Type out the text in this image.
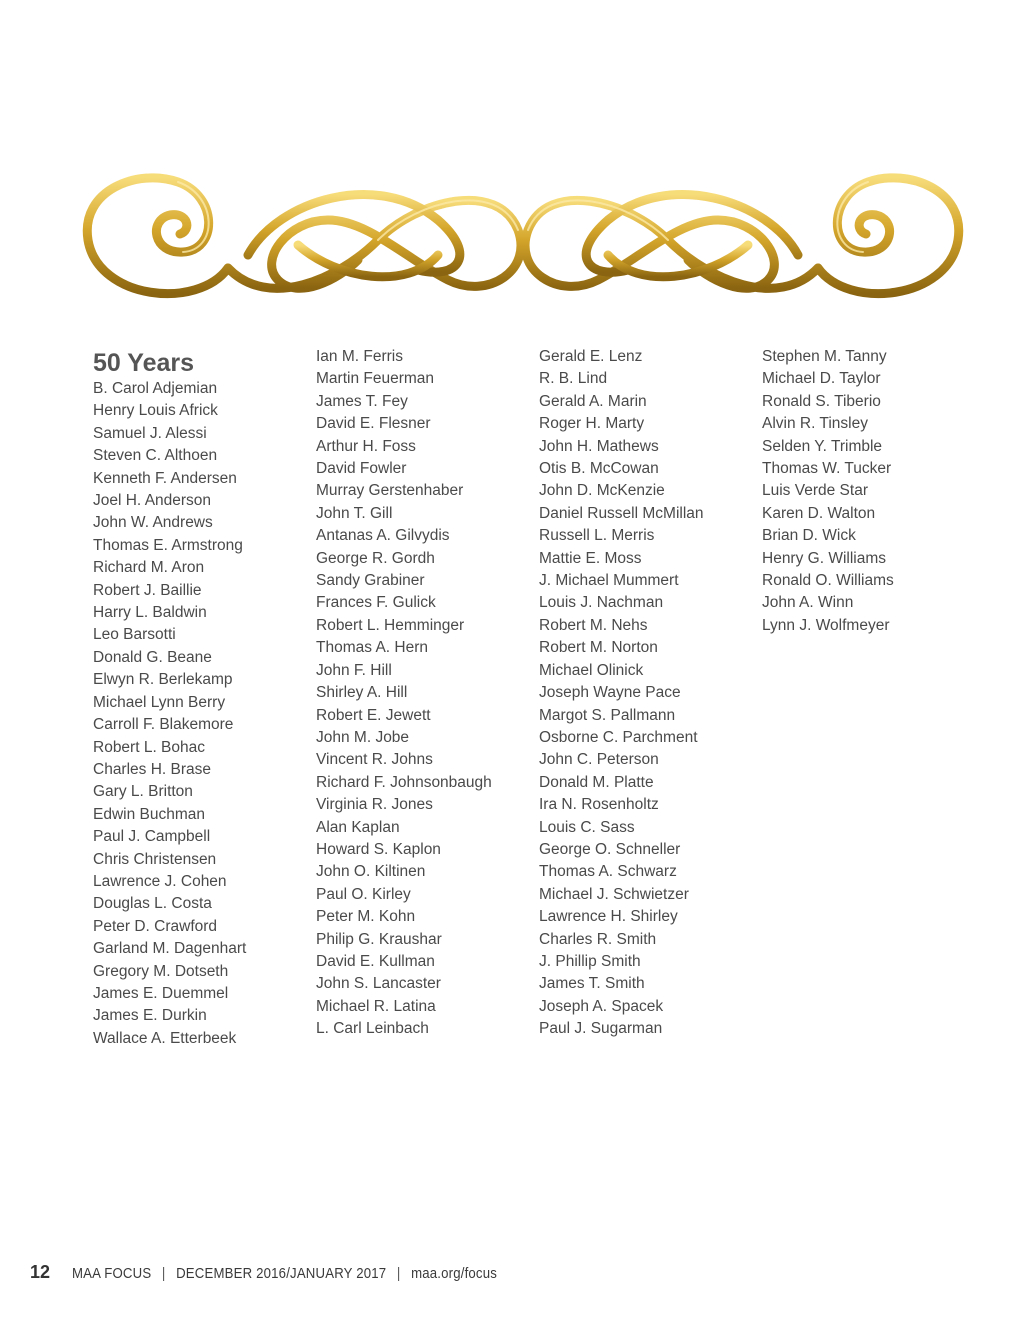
50 Years
B. Carol Adjemian
Henry Louis Africk
Samuel J. Alessi
Steven C. Althoen
Kenneth F. Andersen
Joel H. Anderson
John W. Andrews
Thomas E. Armstrong
Richard M. Aron
Robert J. Baillie
Harry L. Baldwin
Leo Barsotti
Donald G. Beane
Elwyn R. Berlekamp
Michael Lynn Berry
Carroll F. Blakemore
Robert L. Bohac
Charles H. Brase
Gary L. Britton
Edwin Buchman
Paul J. Campbell
Chris Christensen
Lawrence J. Cohen
Douglas L. Costa
Peter D. Crawford
Garland M. Dagenhart
Gregory M. Dotseth
James E. Duemmel
James E. Durkin
Wallace A. Etterbeek
Ian M. Ferris
Martin Feuerman
James T. Fey
David E. Flesner
Arthur H. Foss
David Fowler
Murray Gerstenhaber
John T. Gill
Antanas A. Gilvydis
George R. Gordh
Sandy Grabiner
Frances F. Gulick
Robert L. Hemminger
Thomas A. Hern
John F. Hill
Shirley A. Hill
Robert E. Jewett
John M. Jobe
Vincent R. Johns
Richard F. Johnsonbaugh
Virginia R. Jones
Alan Kaplan
Howard S. Kaplon
John O. Kiltinen
Paul O. Kirley
Peter M. Kohn
Philip G. Kraushar
David E. Kullman
John S. Lancaster
Michael R. Latina
L. Carl Leinbach
Gerald E. Lenz
R. B. Lind
Gerald A. Marin
Roger H. Marty
John H. Mathews
Otis B. McCowan
John D. McKenzie
Daniel Russell McMillan
Russell L. Merris
Mattie E. Moss
J. Michael Mummert
Louis J. Nachman
Robert M. Nehs
Robert M. Norton
Michael Olinick
Joseph Wayne Pace
Margot S. Pallmann
Osborne C. Parchment
John C. Peterson
Donald M. Platte
Ira N. Rosenholtz
Louis C. Sass
George O. Schneller
Thomas A. Schwarz
Michael J. Schwietzer
Lawrence H. Shirley
Charles R. Smith
J. Phillip Smith
James T. Smith
Joseph A. Spacek
Paul J. Sugarman
Stephen M. Tanny
Michael D. Taylor
Ronald S. Tiberio
Alvin R. Tinsley
Selden Y. Trimble
Thomas W. Tucker
Luis Verde Star
Karen D. Walton
Brian D. Wick
Henry G. Williams
Ronald O. Williams
John A. Winn
Lynn J. Wolfmeyer
12 MAA FOCUS | DECEMBER 2016/JANUARY 2017 | maa.org/focus
